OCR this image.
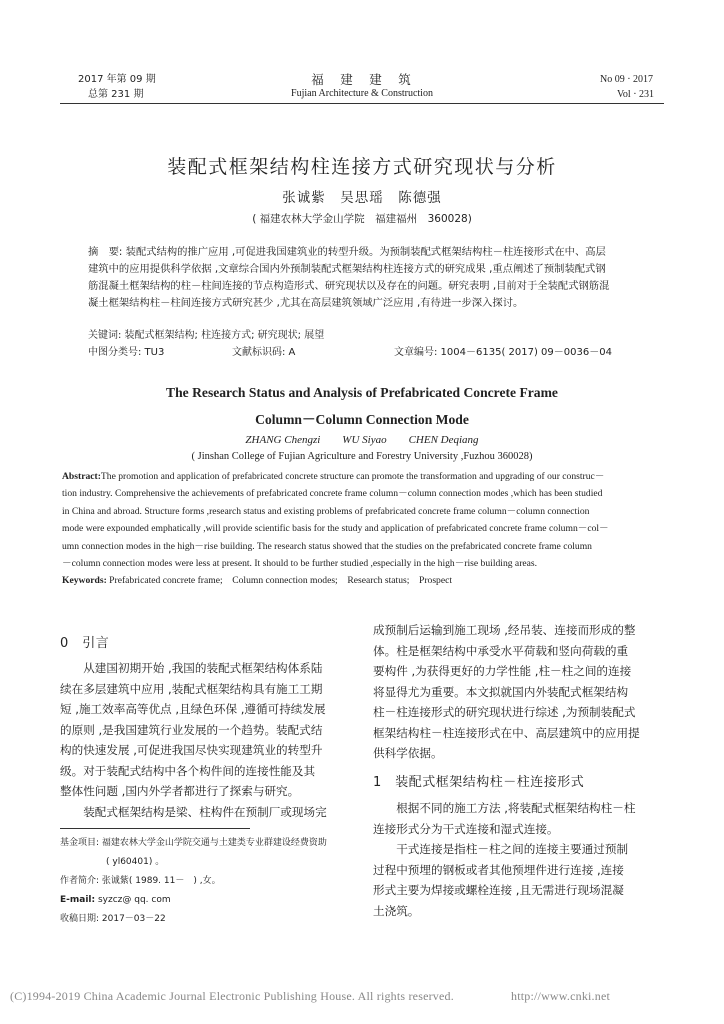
2017 年第 09 期
总第 231 期
福　建　建　筑
Fujian Architecture & Construction
No 09 · 2017
Vol · 231
装配式框架结构柱连接方式研究现状与分析
张诚紫　吴思瑶　陈德强
( 福建农林大学金山学院　福建福州　360028)
摘　要: 装配式结构的推广应用 ,可促进我国建筑业的转型升级。为预制装配式框架结构柱－柱连接形式在中、高层
建筑中的应用提供科学依据 ,文章综合国内外预制装配式框架结构柱连接方式的研究成果 ,重点阐述了预制装配式钢
筋混凝土框架结构的柱－柱间连接的节点构造形式、研究现状以及存在的问题。研究表明 ,目前对于全装配式钢筋混
凝土框架结构柱－柱间连接方式研究甚少 ,尤其在高层建筑领域广泛应用 ,有待进一步深入探讨。
关键词: 装配式框架结构; 柱连接方式; 研究现状; 展望
中图分类号: TU3	文献标识码: A	文章编号: 1004－6135( 2017) 09－0036－04
The Research Status and Analysis of Prefabricated Concrete Frame
Column－Column Connection Mode
ZHANG Chengzi　　WU Siyao　　CHEN Deqiang
( Jinshan College of Fujian Agriculture and Forestry University ,Fuzhou 360028)
Abstract:The promotion and application of prefabricated concrete structure can promote the transformation and upgrading of our construc－
tion industry. Comprehensive the achievements of prefabricated concrete frame column－column connection modes ,which has been studied
in China and abroad. Structure forms ,research status and existing problems of prefabricated concrete frame column－column connection
mode were expounded emphatically ,will provide scientific basis for the study and application of prefabricated concrete frame column－col－
umn connection modes in the high－rise building. The research status showed that the studies on the prefabricated concrete frame column
－column connection modes were less at present. It should to be further studied ,especially in the high－rise building areas.
Keywords: Prefabricated concrete frame;　Column connection modes;　Research status;　Prospect
0　引言
　　从建国初期开始 ,我国的装配式框架结构体系陆
续在多层建筑中应用 ,装配式框架结构具有施工工期
短 ,施工效率高等优点 ,且绿色环保 ,遵循可持续发展
的原则 ,是我国建筑行业发展的一个趋势。装配式结
构的快速发展 ,可促进我国尽快实现建筑业的转型升
级。对于装配式结构中各个构件间的连接性能及其
整体性问题 ,国内外学者都进行了探索与研究。
　　装配式框架结构是梁、柱构件在预制厂或现场完
基金项目: 福建农林大学金山学院交通与土建类专业群建设经费资助
( yl60401) 。
作者简介: 张诚紫( 1989. 11－　) ,女。
E-mail: syzcz@ qq. com
收稿日期: 2017－03－22
成预制后运输到施工现场 ,经吊装、连接而形成的整
体。柱是框架结构中承受水平荷载和竖向荷载的重
要构件 ,为获得更好的力学性能 ,柱－柱之间的连接
将显得尤为重要。本文拟就国内外装配式框架结构
柱－柱连接形式的研究现状进行综述 ,为预制装配式
框架结构柱－柱连接形式在中、高层建筑中的应用提
供科学依据。
1　装配式框架结构柱－柱连接形式
　　根据不同的施工方法 ,将装配式框架结构柱－柱
连接形式分为干式连接和湿式连接。
　　干式连接是指柱－柱之间的连接主要通过预制
过程中预埋的钢板或者其他预埋件进行连接 ,连接
形式主要为焊接或螺栓连接 ,且无需进行现场混凝
土浇筑。
(C)1994-2019 China Academic Journal Electronic Publishing House. All rights reserved.	http://www.cnki.net
